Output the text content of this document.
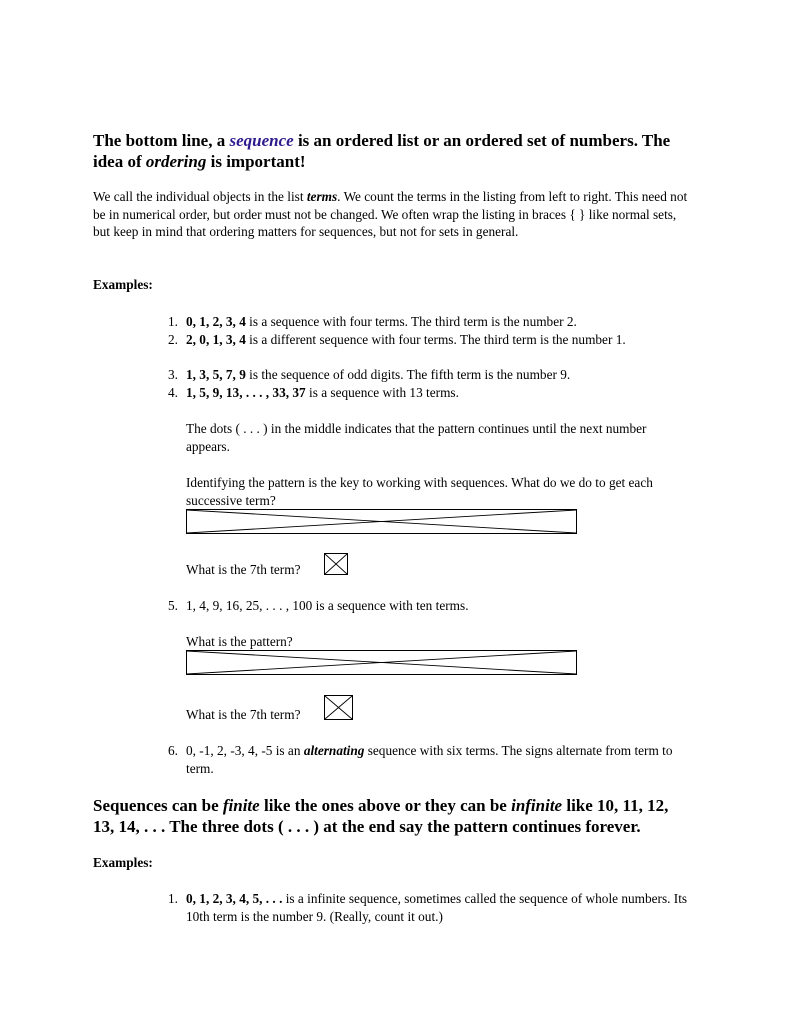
The bottom line, a sequence is an ordered list or an ordered set of numbers. The idea of ordering is important!
We call the individual objects in the list terms. We count the terms in the listing from left to right. This need not be in numerical order, but order must not be changed. We often wrap the listing in braces { } like normal sets, but keep in mind that ordering matters for sequences, but not for sets in general.
Examples:
1. 0, 1, 2, 3, 4 is a sequence with four terms. The third term is the number 2.
2. 2, 0, 1, 3, 4 is a different sequence with four terms. The third term is the number 1.
3. 1, 3, 5, 7, 9 is the sequence of odd digits. The fifth term is the number 9.
4. 1, 5, 9, 13, . . . , 33, 37 is a sequence with 13 terms.
The dots ( . . . ) in the middle indicates that the pattern continues until the next number appears.
Identifying the pattern is the key to working with sequences. What do we do to get each successive term?
What is the 7th term?
5. 1, 4, 9, 16, 25, . . . , 100 is a sequence with ten terms.
What is the pattern?
What is the 7th term?
6. 0, -1, 2, -3, 4, -5 is an alternating sequence with six terms. The signs alternate from term to term.
Sequences can be finite like the ones above or they can be infinite like 10, 11, 12, 13, 14, . . . The three dots ( . . . ) at the end say the pattern continues forever.
Examples:
1. 0, 1, 2, 3, 4, 5, . . . is a infinite sequence, sometimes called the sequence of whole numbers. Its 10th term is the number 9. (Really, count it out.)
